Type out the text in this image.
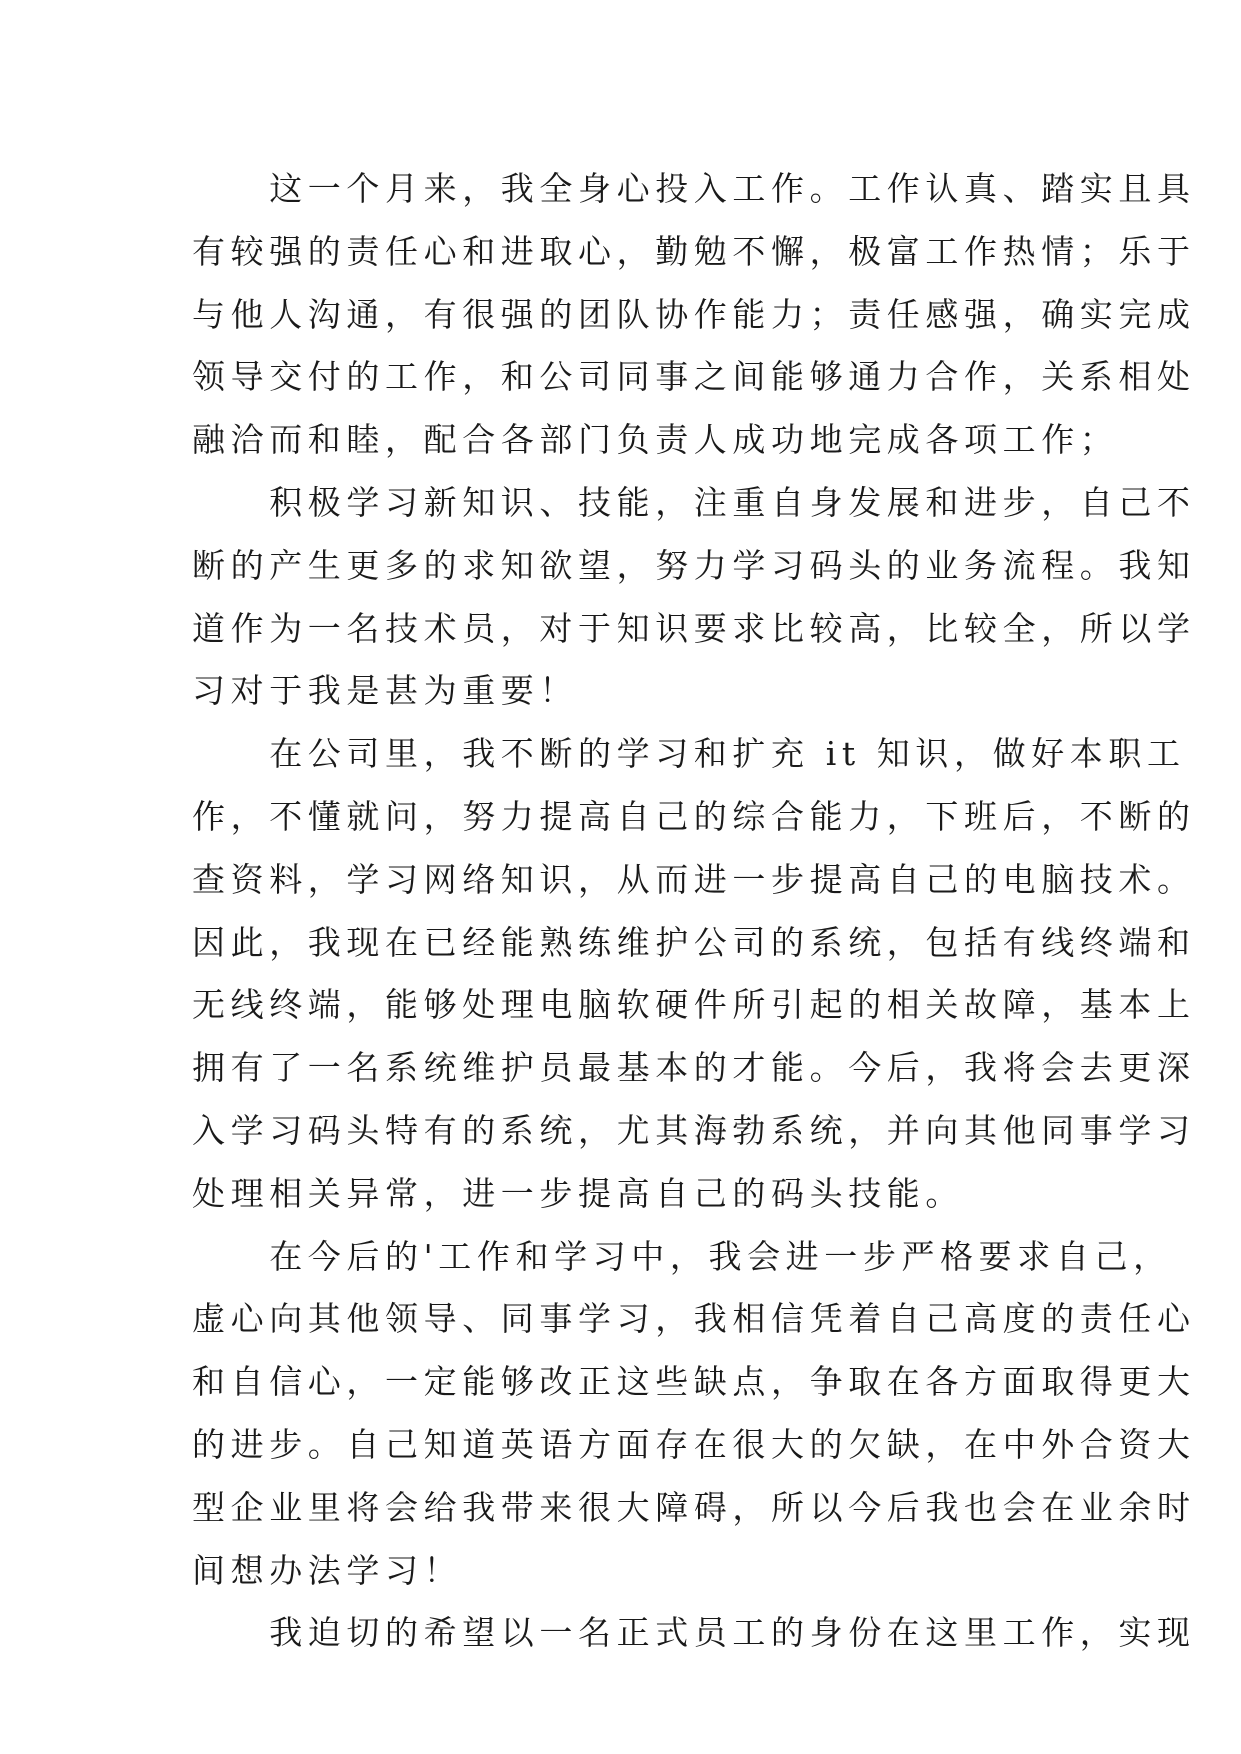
　　这一个月来，我全身心投入工作。工作认真、踏实且具
有较强的责任心和进取心，勤勉不懈，极富工作热情；乐于
与他人沟通，有很强的团队协作能力；责任感强，确实完成
领导交付的工作，和公司同事之间能够通力合作，关系相处
融洽而和睦，配合各部门负责人成功地完成各项工作；
　　积极学习新知识、技能，注重自身发展和进步，自己不
断的产生更多的求知欲望，努力学习码头的业务流程。我知
道作为一名技术员，对于知识要求比较高，比较全，所以学
习对于我是甚为重要！
　　在公司里，我不断的学习和扩充 it 知识，做好本职工
作，不懂就问，努力提高自己的综合能力，下班后，不断的
查资料，学习网络知识，从而进一步提高自己的电脑技术。
因此，我现在已经能熟练维护公司的系统，包括有线终端和
无线终端，能够处理电脑软硬件所引起的相关故障，基本上
拥有了一名系统维护员最基本的才能。今后，我将会去更深
入学习码头特有的系统，尤其海勃系统，并向其他同事学习
处理相关异常，进一步提高自己的码头技能。
　　在今后的'工作和学习中，我会进一步严格要求自己，
虚心向其他领导、同事学习，我相信凭着自己高度的责任心
和自信心，一定能够改正这些缺点，争取在各方面取得更大
的进步。自己知道英语方面存在很大的欠缺，在中外合资大
型企业里将会给我带来很大障碍，所以今后我也会在业余时
间想办法学习！
　　我迫切的希望以一名正式员工的身份在这里工作，实现
